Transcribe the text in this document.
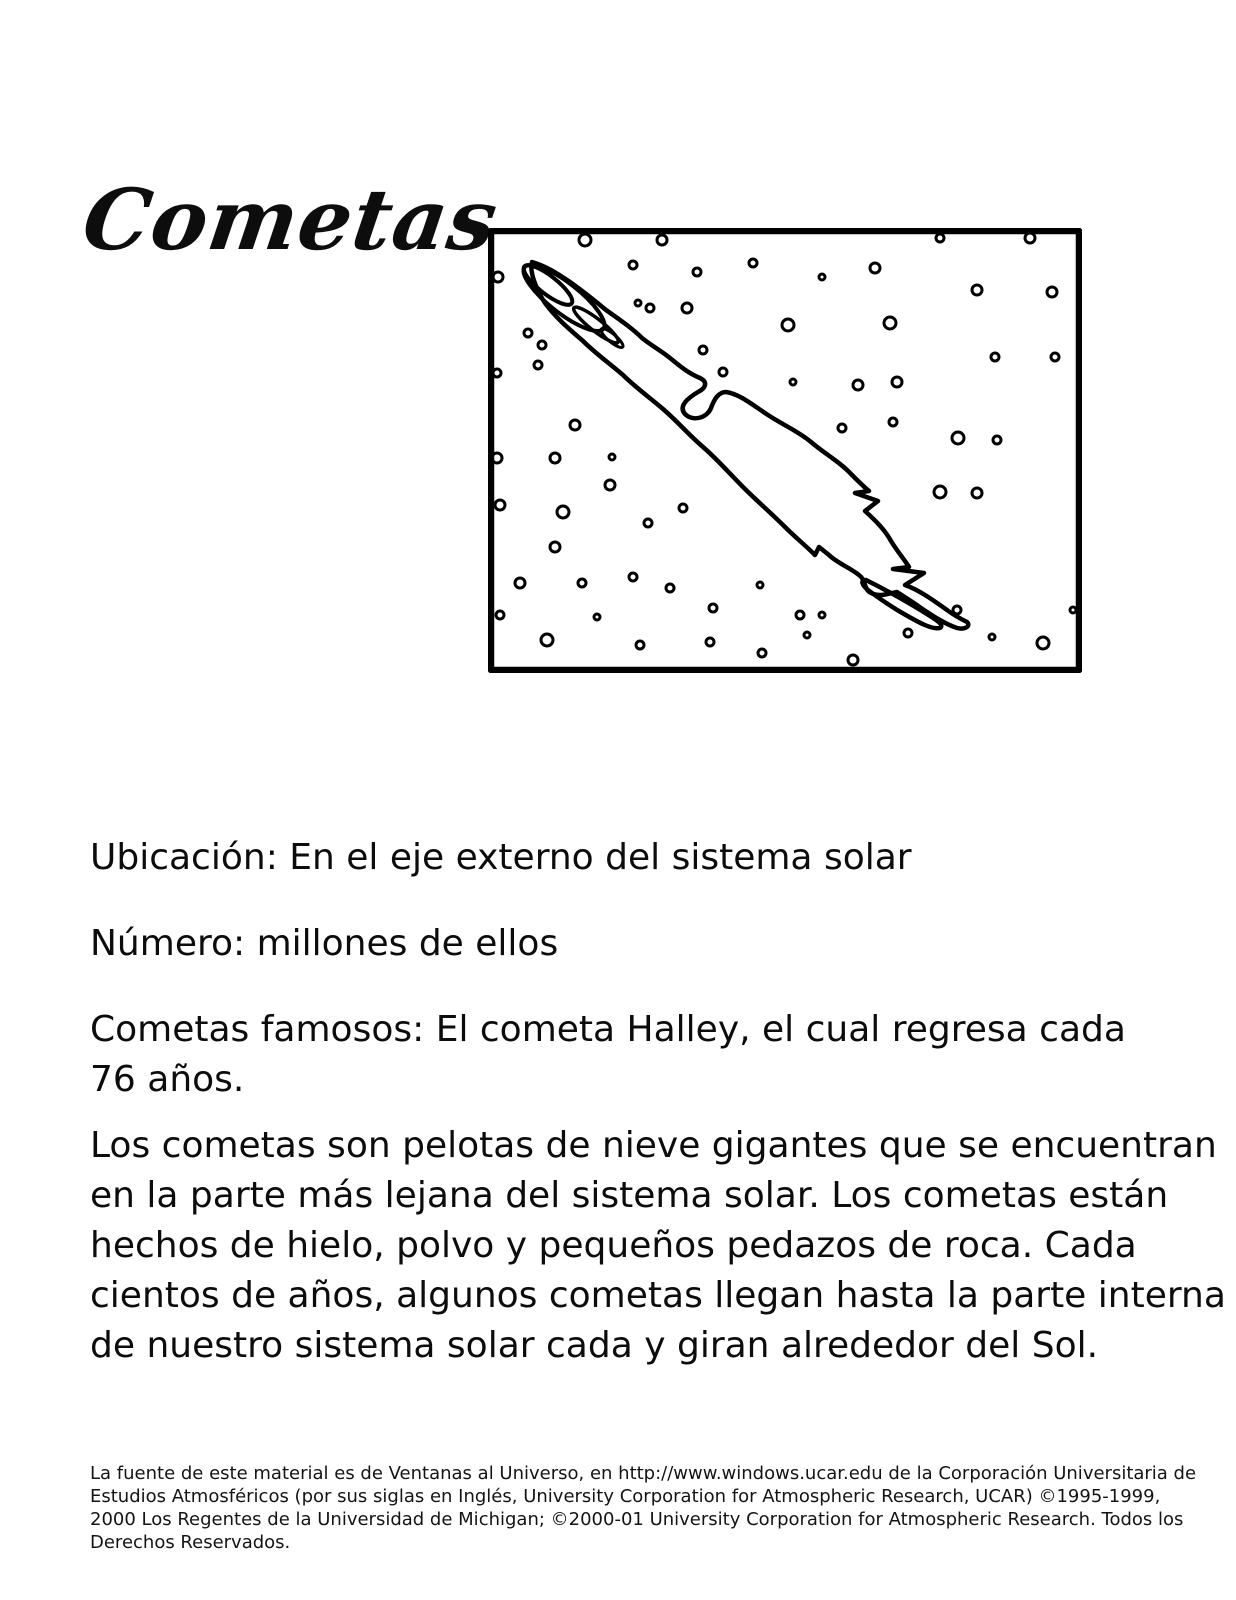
Cometas

Ubicación: En el eje externo del sistema solar

Número: millones de ellos

Cometas famosos: El cometa Halley, el cual regresa cada
76 años.

Los cometas son pelotas de nieve gigantes que se encuentran
en la parte más lejana del sistema solar. Los cometas están
hechos de hielo, polvo y pequeños pedazos de roca. Cada
cientos de años, algunos cometas llegan hasta la parte interna
de nuestro sistema solar cada y giran alrededor del Sol.
La fuente de este material es de Ventanas al Universo, en http://www.windows.ucar.edu de la Corporación Universitaria de
Estudios Atmosféricos (por sus siglas en Inglés, University Corporation for Atmospheric Research, UCAR) ©1995-1999,
2000 Los Regentes de la Universidad de Michigan; ©2000-01 University Corporation for Atmospheric Research. Todos los
Derechos Reservados.
